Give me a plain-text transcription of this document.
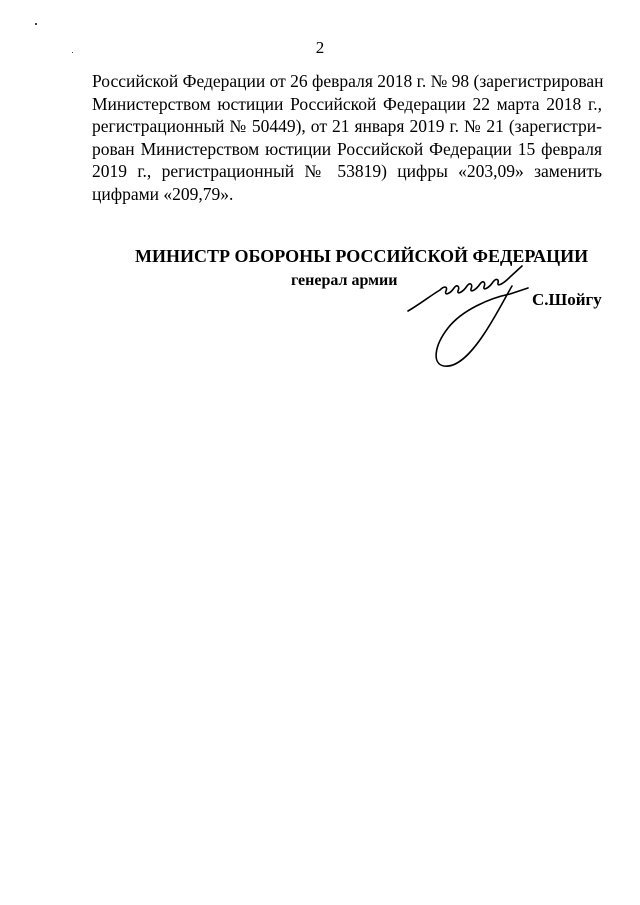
2

Российской Федерации от 26 февраля 2018 г. № 98 (зарегистрирован
Министерством юстиции Российской Федерации 22 марта 2018 г.,
регистрационный № 50449), от 21 января 2019 г. № 21 (зарегистри-
рован Министерством юстиции Российской Федерации 15 февраля
2019 г., регистрационный № 53819) цифры «203,09» заменить
цифрами «209,79».

МИНИСТР ОБОРОНЫ РОССИЙСКОЙ ФЕДЕРАЦИИ
генерал армии
С.Шойгу
